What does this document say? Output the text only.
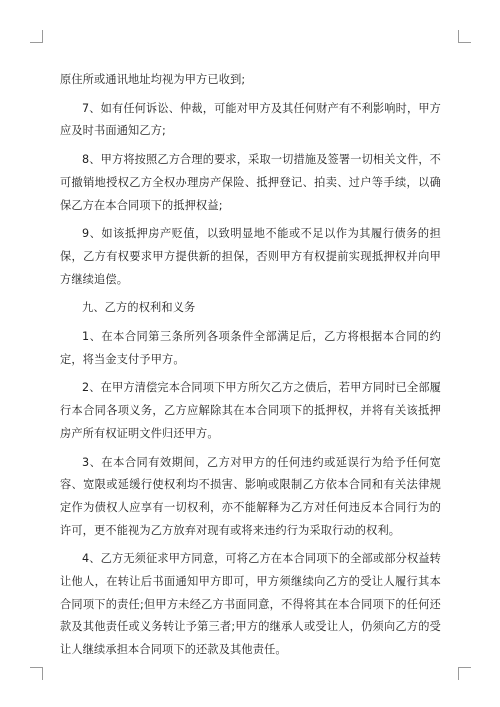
原住所或通讯地址均视为甲方已收到;

7、如有任何诉讼、仲裁，可能对甲方及其任何财产有不利影响时，甲方应及时书面通知乙方;

8、甲方将按照乙方合理的要求，采取一切措施及签署一切相关文件，不可撤销地授权乙方全权办理房产保险、抵押登记、拍卖、过户等手续，以确保乙方在本合同项下的抵押权益;

9、如该抵押房产贬值，以致明显地不能或不足以作为其履行债务的担保，乙方有权要求甲方提供新的担保，否则甲方有权提前实现抵押权并向甲方继续追偿。

九、乙方的权利和义务

1、在本合同第三条所列各项条件全部满足后，乙方将根据本合同的约定，将当金支付予甲方。

2、在甲方清偿完本合同项下甲方所欠乙方之债后，若甲方同时已全部履行本合同各项义务，乙方应解除其在本合同项下的抵押权，并将有关该抵押房产所有权证明文件归还甲方。

3、在本合同有效期间，乙方对甲方的任何违约或延误行为给予任何宽容、宽限或延缓行使权利均不损害、影响或限制乙方依本合同和有关法律规定作为债权人应享有一切权利，亦不能解释为乙方对任何违反本合同行为的许可，更不能视为乙方放弃对现有或将来违约行为采取行动的权利。

4、乙方无须征求甲方同意，可将乙方在本合同项下的全部或部分权益转让他人，在转让后书面通知甲方即可，甲方须继续向乙方的受让人履行其本合同项下的责任;但甲方未经乙方书面同意，不得将其在本合同项下的任何还款及其他责任或义务转让予第三者;甲方的继承人或受让人，仍须向乙方的受让人继续承担本合同项下的还款及其他责任。
